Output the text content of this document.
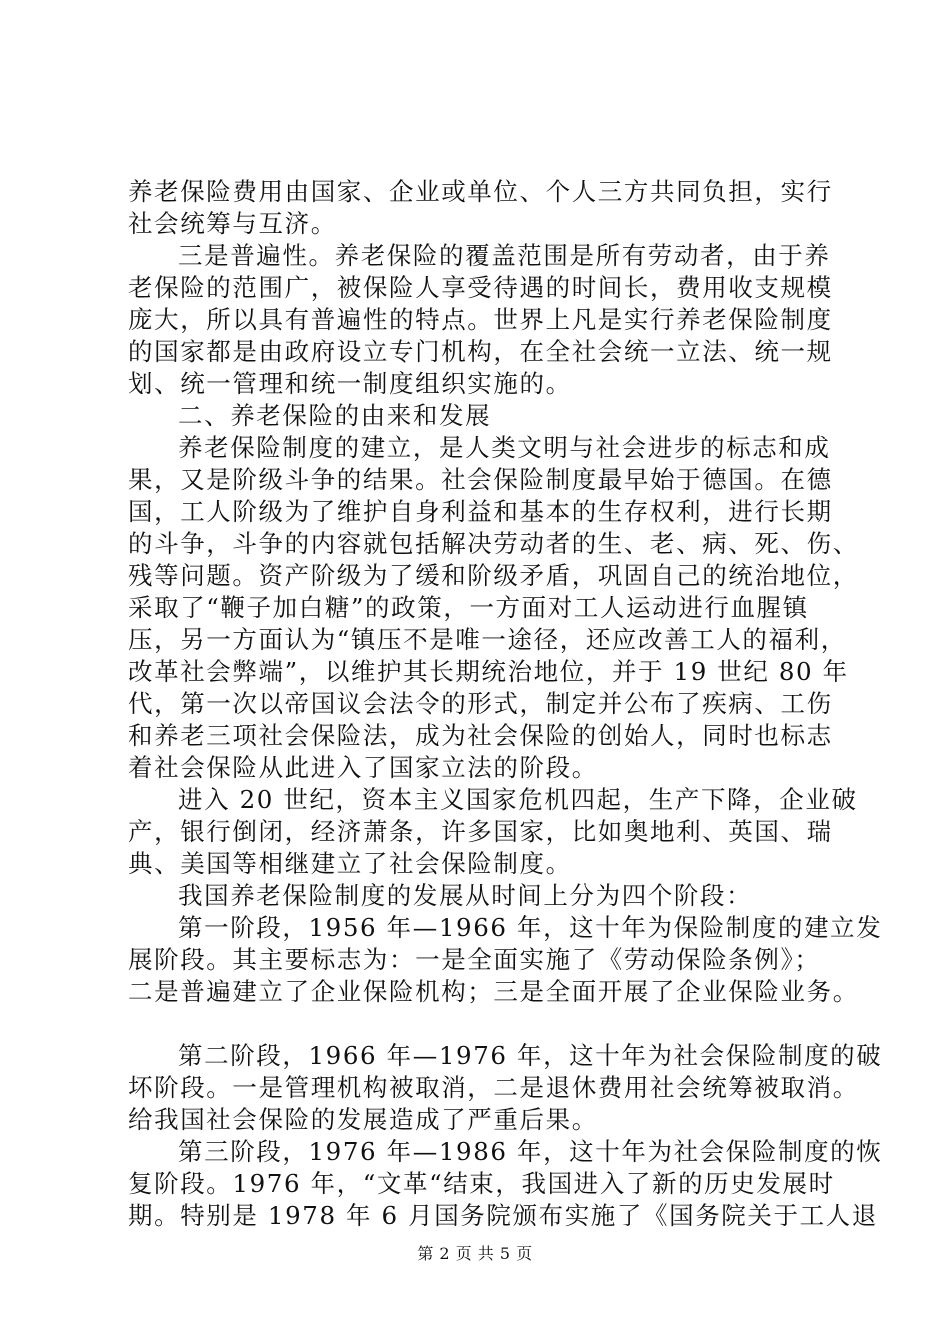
养老保险费用由国家、企业或单位、个人三方共同负担，实行
社会统筹与互济。

三是普遍性。养老保险的覆盖范围是所有劳动者，由于养
老保险的范围广，被保险人享受待遇的时间长，费用收支规模
庞大，所以具有普遍性的特点。世界上凡是实行养老保险制度
的国家都是由政府设立专门机构，在全社会统一立法、统一规
划、统一管理和统一制度组织实施的。

二、养老保险的由来和发展

养老保险制度的建立，是人类文明与社会进步的标志和成
果，又是阶级斗争的结果。社会保险制度最早始于德国。在德
国，工人阶级为了维护自身利益和基本的生存权利，进行长期
的斗争，斗争的内容就包括解决劳动者的生、老、病、死、伤、
残等问题。资产阶级为了缓和阶级矛盾，巩固自己的统治地位，
采取了“鞭子加白糖”的政策，一方面对工人运动进行血腥镇
压，另一方面认为“镇压不是唯一途径，还应改善工人的福利，
改革社会弊端”，以维护其长期统治地位，并于 19 世纪 80 年
代，第一次以帝国议会法令的形式，制定并公布了疾病、工伤
和养老三项社会保险法，成为社会保险的创始人，同时也标志
着社会保险从此进入了国家立法的阶段。

进入 20 世纪，资本主义国家危机四起，生产下降，企业破
产，银行倒闭，经济萧条，许多国家，比如奥地利、英国、瑞
典、美国等相继建立了社会保险制度。

我国养老保险制度的发展从时间上分为四个阶段：

第一阶段，1956 年—1966 年，这十年为保险制度的建立发
展阶段。其主要标志为：一是全面实施了《劳动保险条例》；
二是普遍建立了企业保险机构；三是全面开展了企业保险业务。

第二阶段，1966 年—1976 年，这十年为社会保险制度的破
坏阶段。一是管理机构被取消，二是退休费用社会统筹被取消。
给我国社会保险的发展造成了严重后果。

第三阶段，1976 年—1986 年，这十年为社会保险制度的恢
复阶段。1976 年，“文革“结束，我国进入了新的历史发展时
期。特别是 1978 年 6 月国务院颁布实施了《国务院关于工人退

第 2 页 共 5 页
